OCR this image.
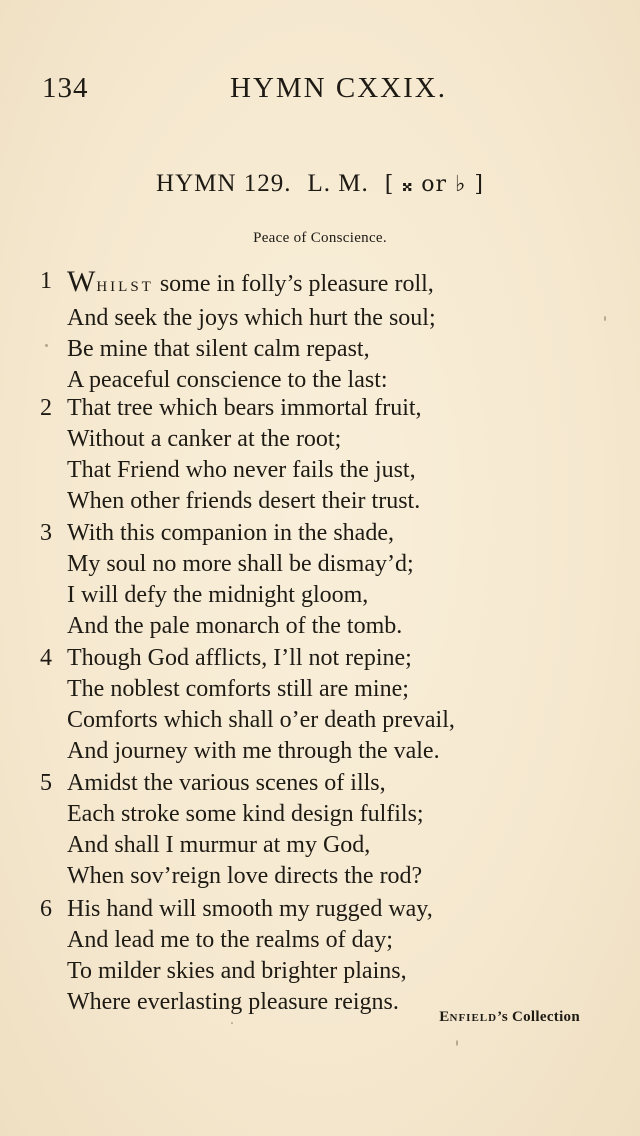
134	HYMN CXXIX.
HYMN 129. L. M. [ 𝄪 or ♭ ]
Peace of Conscience.
1 WHILST some in folly’s pleasure roll,
And seek the joys which hurt the soul;
Be mine that silent calm repast,
A peaceful conscience to the last:
2 That tree which bears immortal fruit,
Without a canker at the root;
That Friend who never fails the just,
When other friends desert their trust.
3 With this companion in the shade,
My soul no more shall be dismay’d;
I will defy the midnight gloom,
And the pale monarch of the tomb.
4 Though God afflicts, I’ll not repine;
The noblest comforts still are mine;
Comforts which shall o’er death prevail,
And journey with me through the vale.
5 Amidst the various scenes of ills,
Each stroke some kind design fulfils;
And shall I murmur at my God,
When sov’reign love directs the rod?
6 His hand will smooth my rugged way,
And lead me to the realms of day;
To milder skies and brighter plains,
Where everlasting pleasure reigns.
ENFIELD’s Collection
